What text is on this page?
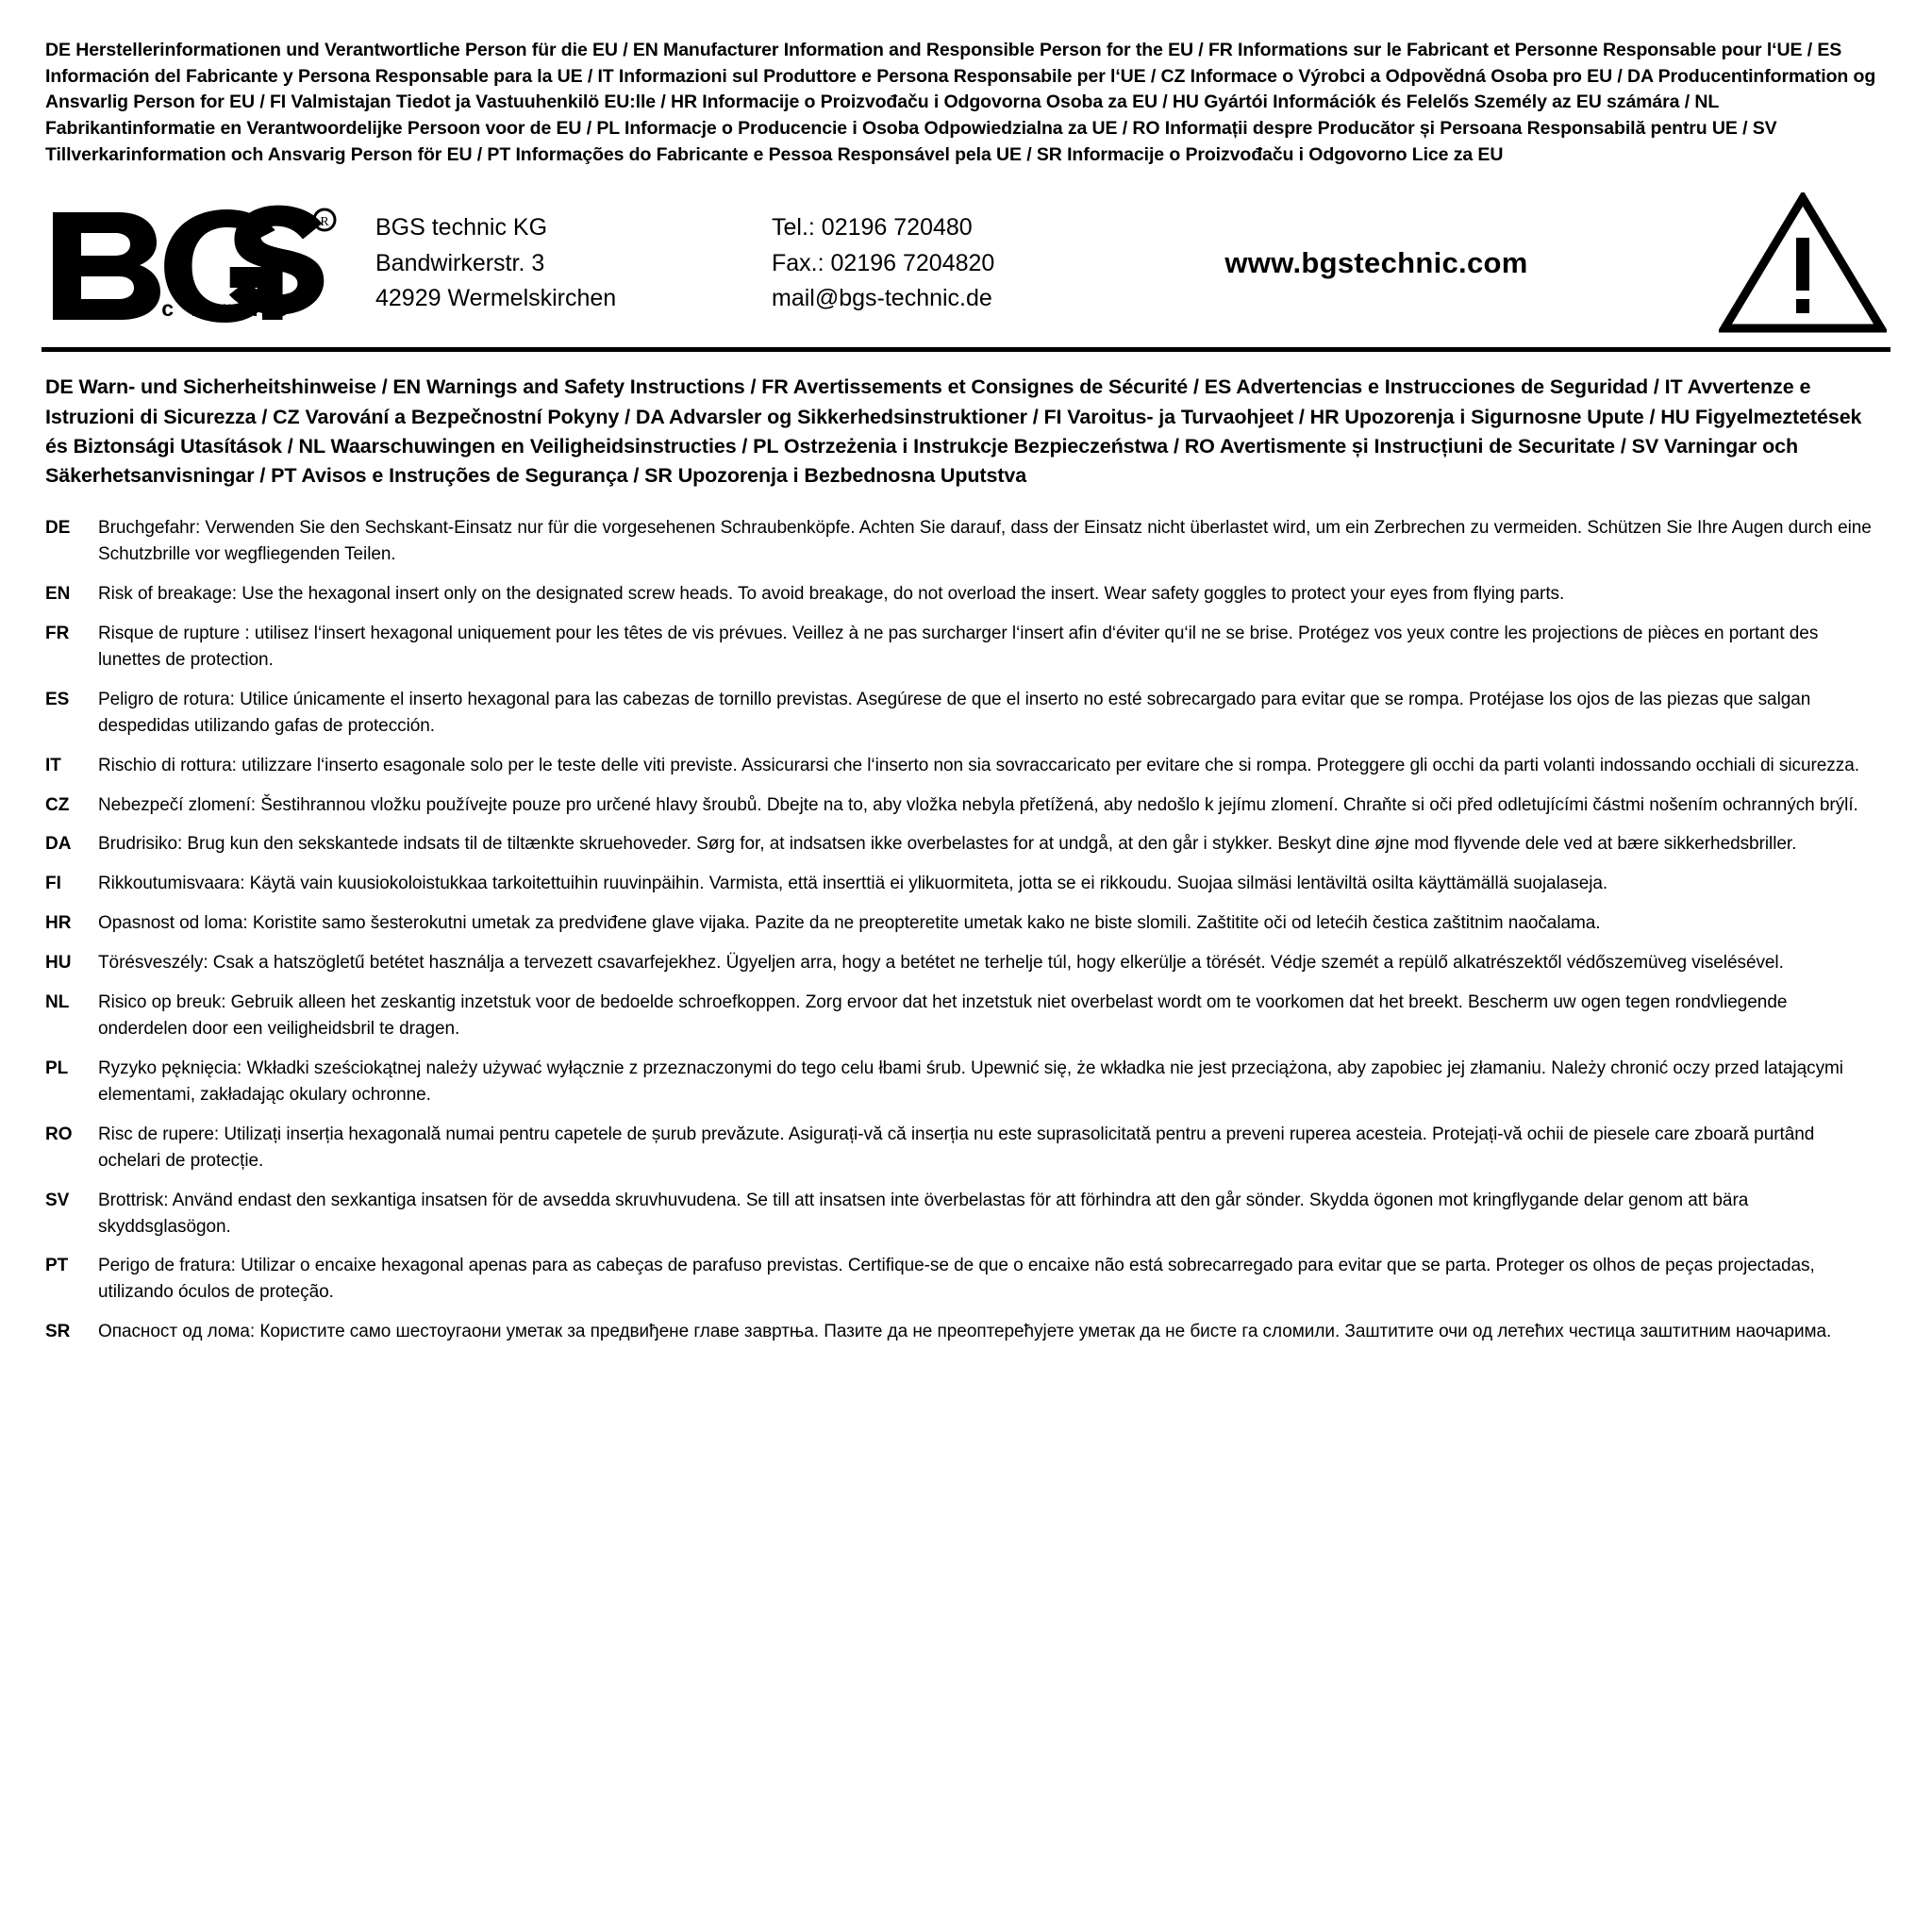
DE Herstellerinformationen und Verantwortliche Person für die EU / EN Manufacturer Information and Responsible Person for the EU / FR Informations sur le Fabricant et Personne Responsable pour l‘UE / ES Información del Fabricante y Persona Responsable para la UE / IT Informazioni sul Produttore e Persona Responsabile per l‘UE / CZ Informace o Výrobci a Odpovědná Osoba pro EU / DA Producentinformation og Ansvarlig Person for EU / FI Valmistajan Tiedot ja Vastuuhenkilö EU:lle / HR Informacije o Proizvođaču i Odgovorna Osoba za EU / HU Gyártói Információk és Felelős Személy az EU számára / NL Fabrikantinformatie en Verantwoordelijke Persoon voor de EU / PL Informacje o Producencie i Osoba Odpowiedzialna za UE / RO Informații despre Producător și Persoana Responsabilă pentru UE / SV Tillverkarinformation och Ansvarig Person för EU / PT Informações do Fabricante e Pessoa Responsável pela UE / SR Informacije o Proizvođaču i Odgovorno Lice za EU
R
t e c h n i c
BGS technic KG
Bandwirkerstr. 3
42929 Wermelskirchen
Tel.: 02196 720480
Fax.: 02196 7204820
mail@bgs-technic.de
www.bgstechnic.com
DE Warn- und Sicherheitshinweise / EN Warnings and Safety Instructions / FR Avertissements et Consignes de Sécurité / ES Advertencias e Instrucciones de Seguridad / IT Avvertenze e Istruzioni di Sicurezza / CZ Varování a Bezpečnostní Pokyny / DA Advarsler og Sikkerhedsinstruktioner / FI Varoitus- ja Turvaohjeet / HR Upozorenja i Sigurnosne Upute / HU Figyelmeztetések és Biztonsági Utasítások / NL Waarschuwingen en Veiligheidsinstructies / PL Ostrzeżenia i Instrukcje Bezpieczeństwa / RO Avertismente și Instrucțiuni de Securitate / SV Varningar och Säkerhetsanvisningar / PT Avisos e Instruções de Segurança / SR Upozorenja i Bezbednosna Uputstva
DE	Bruchgefahr: Verwenden Sie den Sechskant-Einsatz nur für die vorgesehenen Schraubenköpfe. Achten Sie darauf, dass der Einsatz nicht überlastet wird, um ein Zerbrechen zu vermeiden. Schützen Sie Ihre Augen durch eine Schutzbrille vor wegfliegenden Teilen.
EN	Risk of breakage: Use the hexagonal insert only on the designated screw heads. To avoid breakage, do not overload the insert. Wear safety goggles to protect your eyes from flying parts.
FR	Risque de rupture : utilisez l‘insert hexagonal uniquement pour les têtes de vis prévues. Veillez à ne pas surcharger l‘insert afin d‘éviter qu‘il ne se brise. Protégez vos yeux contre les projections de pièces en portant des lunettes de protection.
ES	Peligro de rotura: Utilice únicamente el inserto hexagonal para las cabezas de tornillo previstas. Asegúrese de que el inserto no esté sobrecargado para evitar que se rompa. Protéjase los ojos de las piezas que salgan despedidas utilizando gafas de protección.
IT	Rischio di rottura: utilizzare l‘inserto esagonale solo per le teste delle viti previste. Assicurarsi che l‘inserto non sia sovraccaricato per evitare che si rompa. Proteggere gli occhi da parti volanti indossando occhiali di sicurezza.
CZ	Nebezpečí zlomení: Šestihrannou vložku používejte pouze pro určené hlavy šroubů. Dbejte na to, aby vložka nebyla přetížená, aby nedošlo k jejímu zlomení. Chraňte si oči před odletujícími částmi nošením ochranných brýlí.
DA	Brudrisiko: Brug kun den sekskantede indsats til de tiltænkte skruehoveder. Sørg for, at indsatsen ikke overbelastes for at undgå, at den går i stykker. Beskyt dine øjne mod flyvende dele ved at bære sikkerhedsbriller.
FI	Rikkoutumisvaara: Käytä vain kuusiokoloistukkaa tarkoitettuihin ruuvinpäihin. Varmista, että inserttiä ei ylikuormiteta, jotta se ei rikkoudu. Suojaa silmäsi lentäviltä osilta käyttämällä suojalaseja.
HR	Opasnost od loma: Koristite samo šesterokutni umetak za predviđene glave vijaka. Pazite da ne preopteretite umetak kako ne biste slomili. Zaštitite oči od letećih čestica zaštitnim naočalama.
HU	Törésveszély: Csak a hatszögletű betétet használja a tervezett csavarfejekhez. Ügyeljen arra, hogy a betétet ne terhelje túl, hogy elkerülje a törését. Védje szemét a repülő alkatrészektől védőszemüveg viselésével.
NL	Risico op breuk: Gebruik alleen het zeskantig inzetstuk voor de bedoelde schroefkoppen. Zorg ervoor dat het inzetstuk niet overbelast wordt om te voorkomen dat het breekt. Bescherm uw ogen tegen rondvliegende onderdelen door een veiligheidsbril te dragen.
PL	Ryzyko pęknięcia: Wkładki sześciokątnej należy używać wyłącznie z przeznaczonymi do tego celu łbami śrub. Upewnić się, że wkładka nie jest przeciążona, aby zapobiec jej złamaniu. Należy chronić oczy przed latającymi elementami, zakładając okulary ochronne.
RO	Risc de rupere: Utilizați inserția hexagonală numai pentru capetele de șurub prevăzute. Asigurați-vă că inserția nu este suprasolicitată pentru a preveni ruperea acesteia. Protejați-vă ochii de piesele care zboară purtând ochelari de protecție.
SV	Brottrisk: Använd endast den sexkantiga insatsen för de avsedda skruvhuvudena. Se till att insatsen inte överbelastas för att förhindra att den går sönder. Skydda ögonen mot kringflygande delar genom att bära skyddsglasögon.
PT	Perigo de fratura: Utilizar o encaixe hexagonal apenas para as cabeças de parafuso previstas. Certifique-se de que o encaixe não está sobrecarregado para evitar que se parta. Proteger os olhos de peças projectadas, utilizando óculos de proteção.
SR	Опасност од лома: Користите само шестоугаони уметак за предвиђене главе завртња. Пазите да не преоптерећујете уметак да не бисте га сломили. Заштитите очи од летећих честица заштитним наочарима.
